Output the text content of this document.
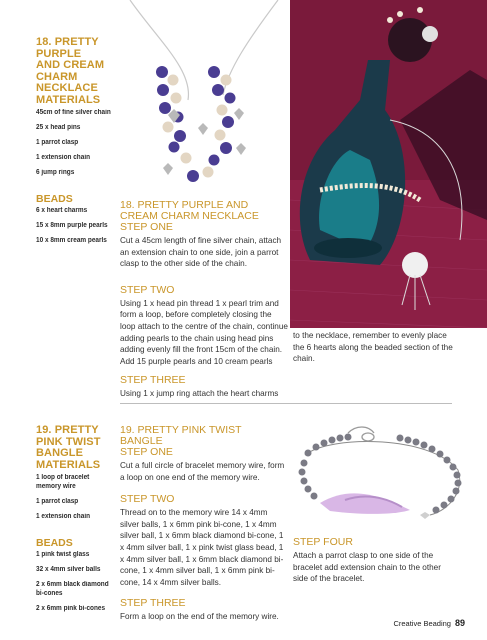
18. PRETTY PURPLE AND CREAM CHARM NECKLACE MATERIALS
45cm of fine silver chain
25 x head pins
1 parrot clasp
1 extension chain
6 jump rings
BEADS
6 x heart charms
15 x 8mm purple pearls
10 x 8mm cream pearls
18. PRETTY PURPLE AND CREAM CHARM NECKLACE
STEP ONE
Cut a 45cm length of fine silver chain, attach an extension chain to one side, join a parrot clasp to the other side of the chain.
STEP TWO
Using 1 x head pin thread 1 x pearl trim and form a loop, before completely closing the loop attach to the centre of the chain, continue adding pearls to the chain using head pins adding evenly fill the front 15cm of the chain. Add 15 purple pearls and 10 cream pearls
STEP THREE
Using 1 x jump ring attach the heart charms
to the necklace, remember to evenly place the 6 hearts along the beaded section of the chain.
19. PRETTY PINK TWIST BANGLE MATERIALS
1 loop of bracelet memory wire
1 parrot clasp
1 extension chain
BEADS
1 pink twist glass
32 x 4mm silver balls
2 x 6mm black diamond bi-cones
2 x 6mm pink bi-cones
19. PRETTY PINK TWIST BANGLE
STEP ONE
Cut a full circle of bracelet memory wire, form a loop on one end of the memory wire.
STEP TWO
Thread on to the memory wire 14 x 4mm silver balls, 1 x 6mm pink bi-cone, 1 x 4mm silver ball, 1 x 6mm black diamond bi-cone, 1 x 4mm silver ball, 1 x pink twist glass bead, 1 x 4mm silver ball, 1 x 6mm black diamond bi-cone, 1 x 4mm silver ball, 1 x 6mm pink bi-cone, 14 x 4mm silver balls.
STEP THREE
Form a loop on the end of the memory wire.
STEP FOUR
Attach a parrot clasp to one side of the bracelet add extension chain to the other side of the bracelet.
Creative Beading 89
